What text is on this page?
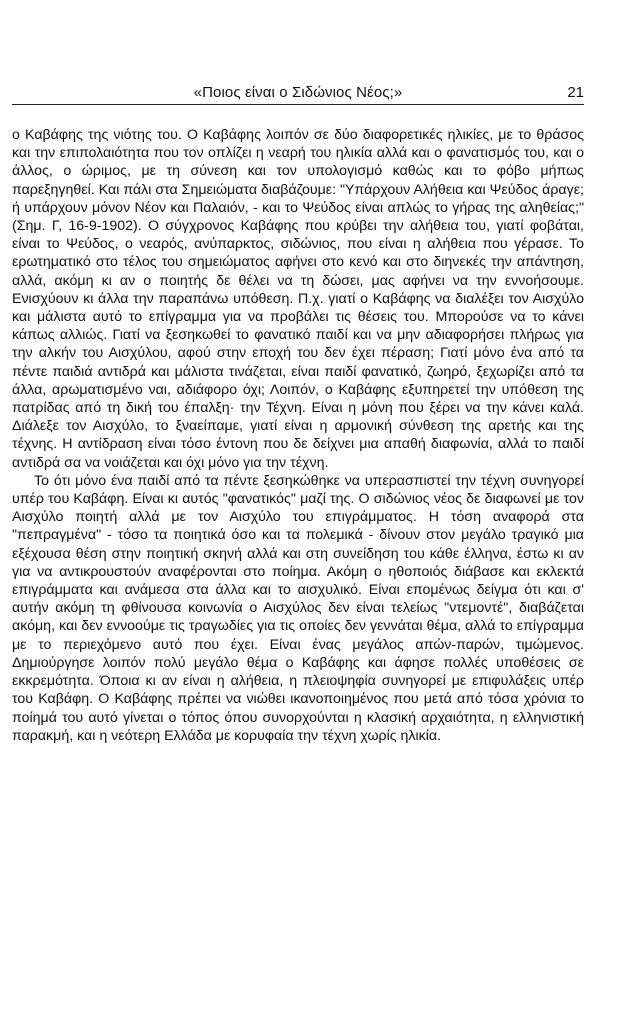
«Ποιος είναι ο Σιδώνιος Νέος;»	21

ο Καβάφης της νιότης του. Ο Καβάφης λοιπόν σε δύο διαφορετικές ηλικίες, με το θράσος και την επιπολαιότητα που τον οπλίζει η νεαρή του ηλικία αλλά και ο φανατισμός του, και ο άλλος, ο ώριμος, με τη σύνεση και τον υπολογισμό καθώς και το φόβο μήπως παρεξηγηθεί. Και πάλι στα Σημειώματα διαβάζουμε: "Υπάρχουν Αλήθεια και Ψεύδος άραγε; ή υπάρχουν μόνον Νέον και Παλαιόν, - και το Ψεύδος είναι απλώς το γήρας της αληθείας;" (Σημ. Γ, 16-9-1902). Ο σύγχρονος Καβάφης που κρύβει την αλήθεια του, γιατί φοβάται, είναι το Ψεύδος, ο νεαρός, ανύπαρκτος, σιδώνιος, που είναι η αλήθεια που γέρασε. Το ερωτηματικό στο τέλος του σημειώματος αφήνει στο κενό και στο διηνεκές την απάντηση, αλλά, ακόμη κι αν ο ποιητής δε θέλει να τη δώσει, μας αφήνει να την εννοήσουμε. Ενισχύουν κι άλλα την παραπάνω υπόθεση. Π.χ. γιατί ο Καβάφης να διαλέξει τον Αισχύλο και μάλιστα αυτό το επίγραμμα για να προβάλει τις θέσεις του. Μπορούσε να το κάνει κάπως αλλιώς. Γιατί να ξεσηκωθεί το φανατικό παιδί και να μην αδιαφορήσει πλήρως για την αλκήν του Αισχύλου, αφού στην εποχή του δεν έχει πέραση; Γιατί μόνο ένα από τα πέντε παιδιά αντιδρά και μάλιστα τινάζεται, είναι παιδί φανατικό, ζωηρό, ξεχωρίζει από τα άλλα, αρωματισμένο ναι, αδιάφορο όχι; Λοιπόν, ο Καβάφης εξυπηρετεί την υπόθεση της πατρίδας από τη δική του έπαλξη· την Τέχνη. Είναι η μόνη που ξέρει να την κάνει καλά. Διάλεξε τον Αισχύλο, το ξναείπαμε, γιατί είναι η αρμονική σύνθεση της αρετής και της τέχνης. Η αντίδραση είναι τόσο έντονη που δε δείχνει μια απαθή διαφωνία, αλλά το παιδί αντιδρά σα να νοιάζεται και όχι μόνο για την τέχνη.

Το ότι μόνο ένα παιδί από τα πέντε ξεσηκώθηκε να υπερασπιστεί την τέχνη συνηγορεί υπέρ του Καβάφη. Είναι κι αυτός "φανατικός" μαζί της. Ο σιδώνιος νέος δε διαφωνεί με τον Αισχύλο ποιητή αλλά με τον Αισχύλο του επιγράμματος. Η τόση αναφορά στα "πεπραγμένα" - τόσο τα ποιητικά όσο και τα πολεμικά - δίνουν στον μεγάλο τραγικό μια εξέχουσα θέση στην ποιητική σκηνή αλλά και στη συνείδηση του κάθε έλληνα, έστω κι αν για να αντικρουστούν αναφέρονται στο ποίημα. Ακόμη ο ηθοποιός διάβασε και εκλεκτά επιγράμματα και ανάμεσα στα άλλα και το αισχυλικό. Είναι επομένως δείγμα ότι και σ' αυτήν ακόμη τη φθίνουσα κοινωνία ο Αισχύλος δεν είναι τελείως "ντεμοντέ", διαβάζεται ακόμη, και δεν εννοούμε τις τραγωδίες για τις οποίες δεν γεννάται θέμα, αλλά το επίγραμμα με το περιεχόμενο αυτό που έχει. Είναι ένας μεγάλος απών-παρών, τιμώμενος. Δημιούργησε λοιπόν πολύ μεγάλο θέμα ο Καβάφης και άφησε πολλές υποθέσεις σε εκκρεμότητα. Όποια κι αν είναι η αλήθεια, η πλειοψηφία συνηγορεί με επιφυλάξεις υπέρ του Καβάφη. Ο Καβάφης πρέπει να νιώθει ικανοποιημένος που μετά από τόσα χρόνια το ποίημά του αυτό γίνεται ο τόπος όπου συνορχούνται η κλασική αρχαιότητα, η ελληνιστική παρακμή, και η νεότερη Ελλάδα με κορυφαία την τέχνη χωρίς ηλικία.
